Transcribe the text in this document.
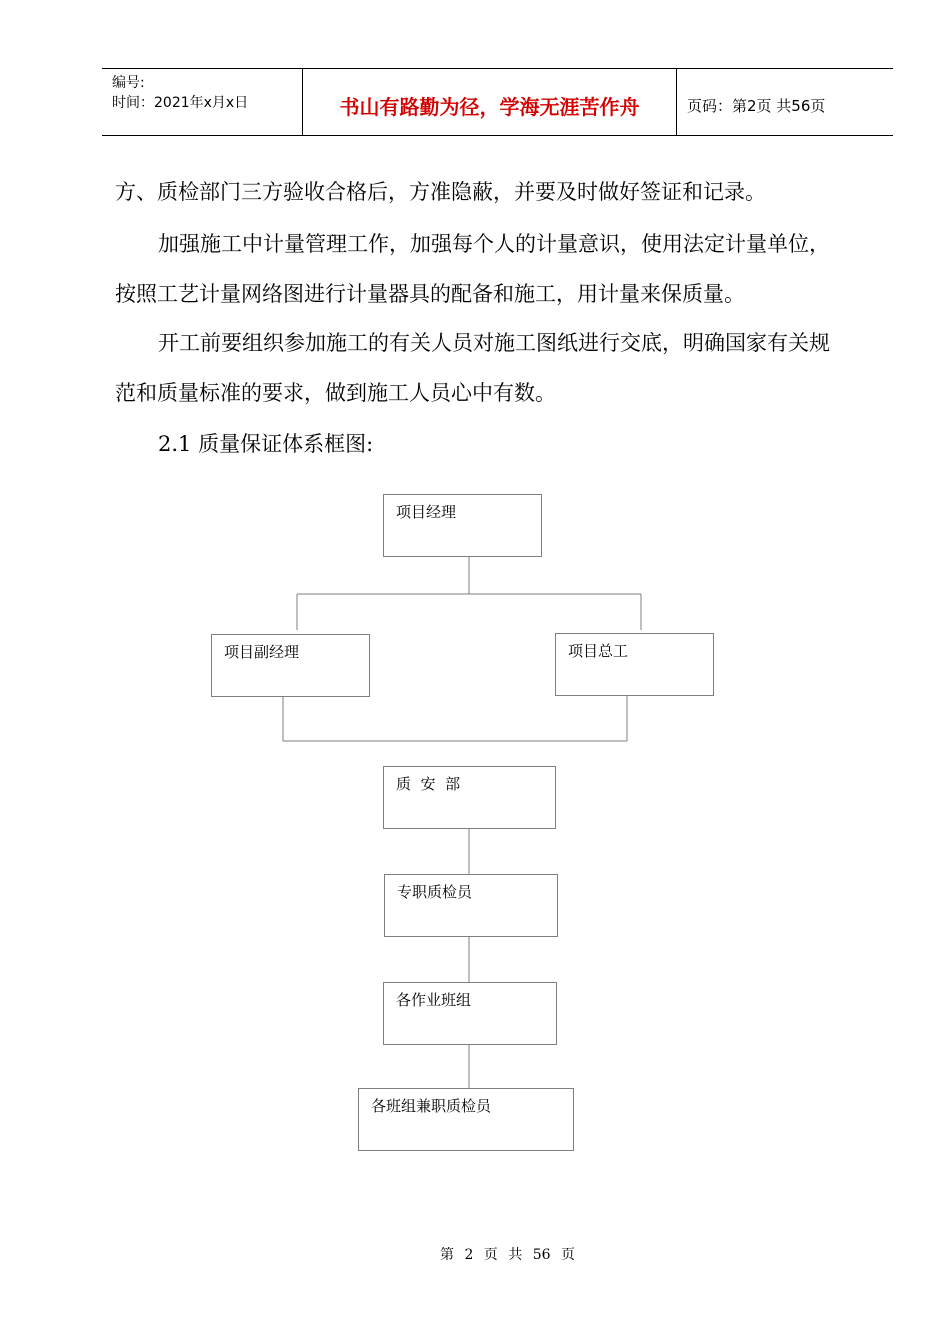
编号:
时间：2021年x月x日	书山有路勤为径，学海无涯苦作舟	页码：第2页 共56页
方、质检部门三方验收合格后，方准隐蔽，并要及时做好签证和记录。
加强施工中计量管理工作，加强每个人的计量意识，使用法定计量单位，
按照工艺计量网络图进行计量器具的配备和施工，用计量来保质量。
开工前要组织参加施工的有关人员对施工图纸进行交底，明确国家有关规
范和质量标准的要求，做到施工人员心中有数。
2.1 质量保证体系框图:
项目经理
项目副经理	项目总工
质  安  部
专职质检员
各作业班组
各班组兼职质检员
第 2 页 共 56 页
